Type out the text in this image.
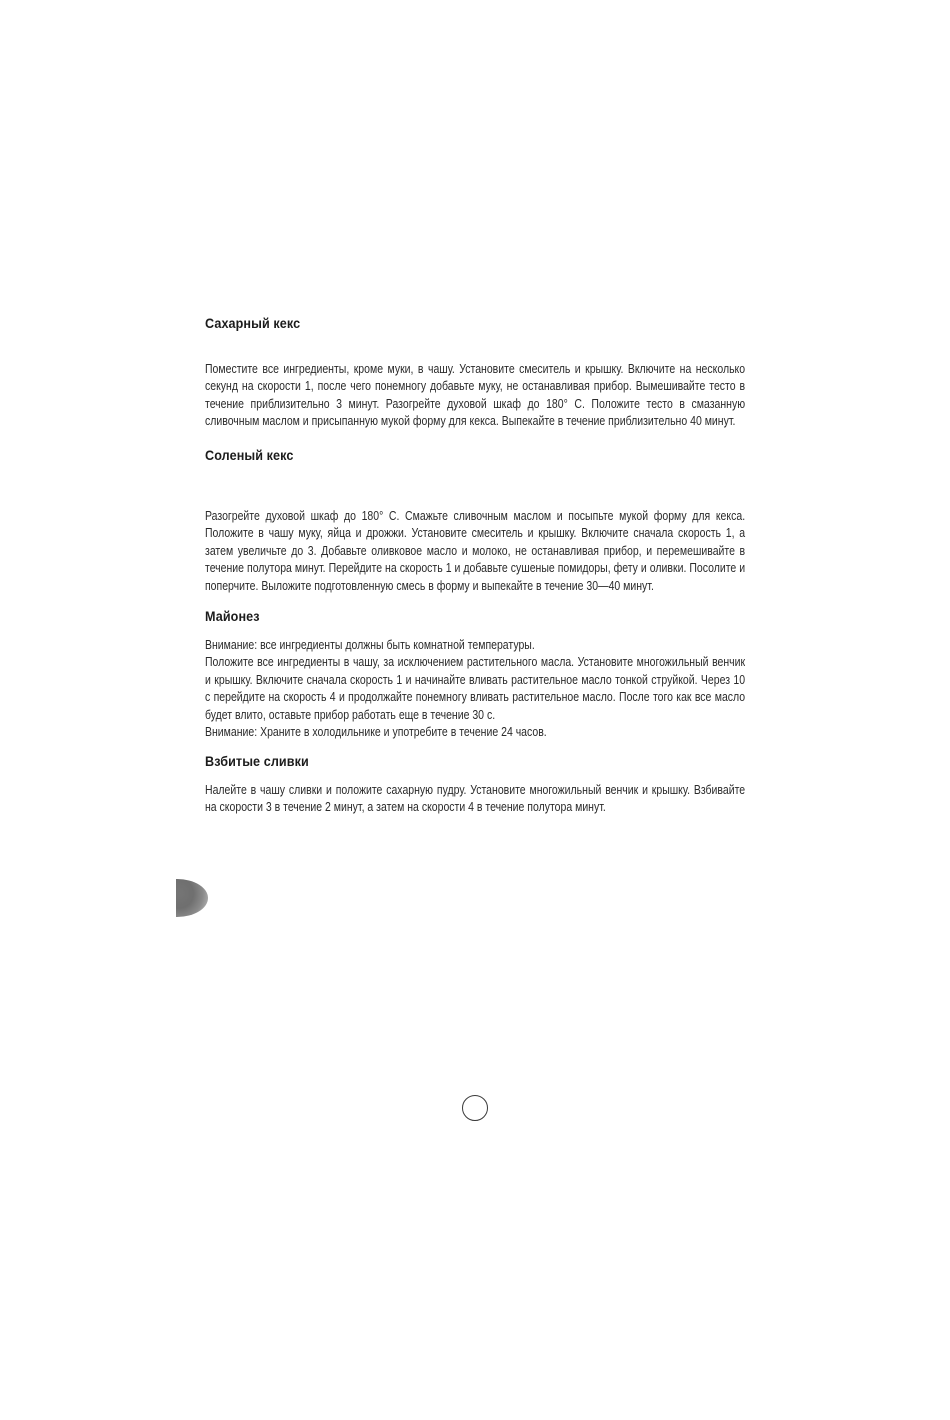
Сахарный кекс

Поместите все ингредиенты, кроме муки, в чашу. Установите смеситель и крышку. Включите на несколько секунд на скорости 1, после чего понемногу добавьте муку, не останавливая прибор. Вымешивайте тесто в течение приблизительно 3 минут. Разогрейте духовой шкаф до 180° С. Положите тесто в смазанную сливочным маслом и присыпанную мукой форму для кекса. Выпекайте в течение приблизительно 40 минут.

Соленый кекс

Разогрейте духовой шкаф до 180° С. Смажьте сливочным маслом и посыпьте мукой форму для кекса. Положите в чашу муку, яйца и дрожжи. Установите смеситель и крышку. Включите сначала скорость 1, а затем увеличьте до 3. Добавьте оливковое масло и молоко, не останавливая прибор, и перемешивайте в течение полутора минут. Перейдите на скорость 1 и добавьте сушеные помидоры, фету и оливки. Посолите и поперчите. Выложите подготовленную смесь в форму и выпекайте в течение 30—40 минут.

Майонез

Внимание: все ингредиенты должны быть комнатной температуры.

Положите все ингредиенты в чашу, за исключением растительного масла. Установите многожильный венчик и крышку. Включите сначала скорость 1 и начинайте вливать растительное масло тонкой струйкой. Через 10 с перейдите на скорость 4 и продолжайте понемногу вливать растительное масло. После того как все масло будет влито, оставьте прибор работать еще в течение 30 с.

Внимание: Храните в холодильнике и употребите в течение 24 часов.

Взбитые сливки

Налейте в чашу сливки и положите сахарную пудру. Установите многожильный венчик и крышку. Взбивайте на скорости 3 в течение 2 минут, а затем на скорости 4 в течение полутора минут.
